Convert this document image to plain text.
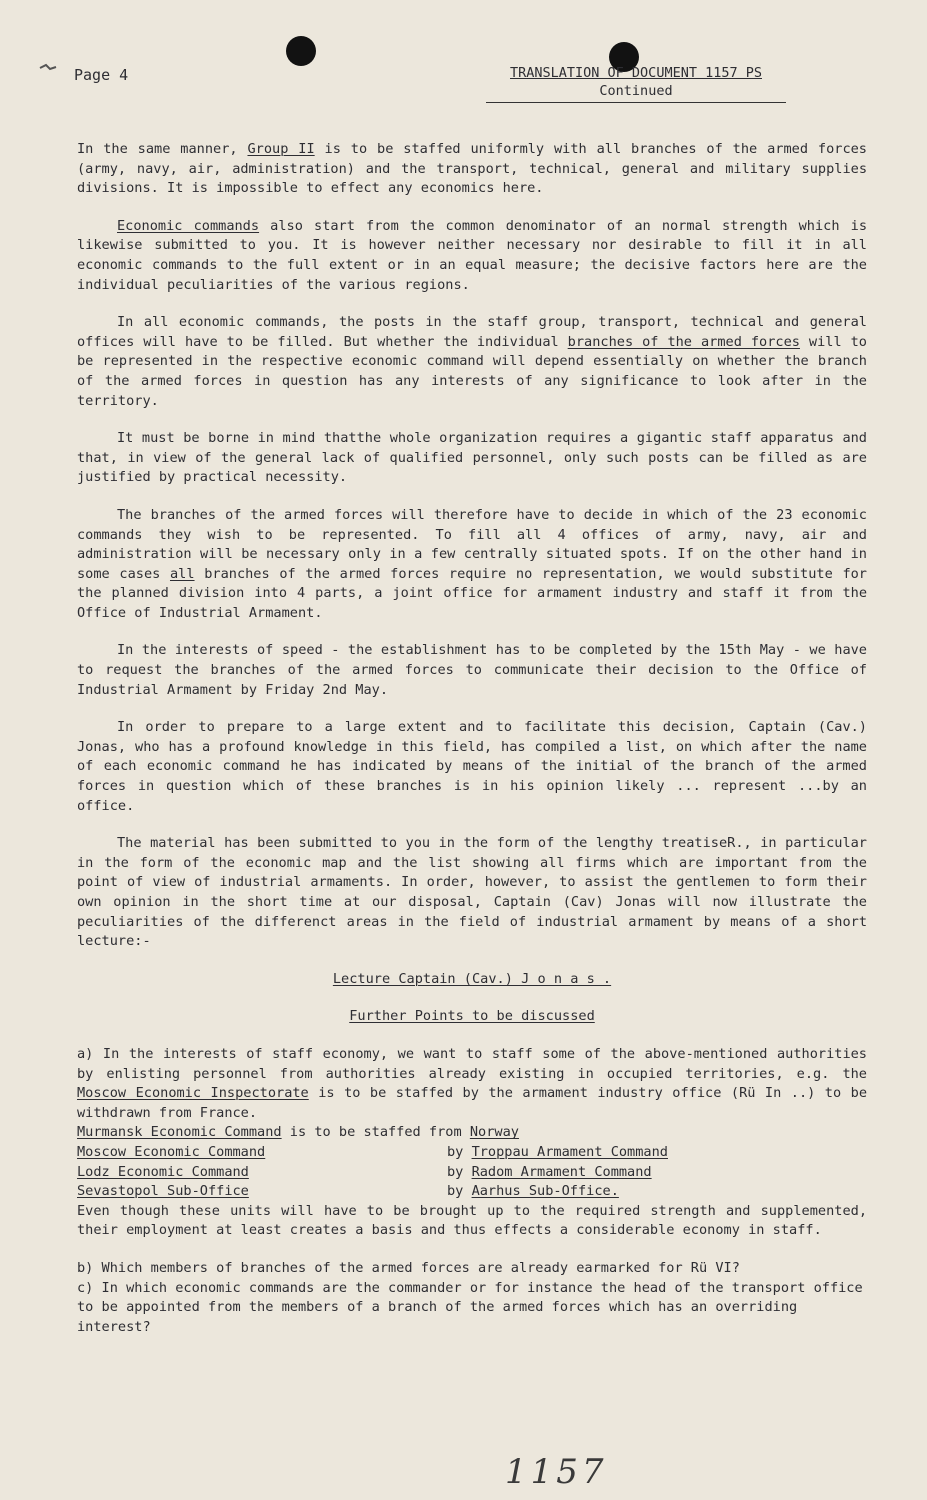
Page 4	TRANSLATION OF DOCUMENT 1157 PS
Continued

In the same manner, Group II is to be staffed uniformly with all branches of the armed forces (army, navy, air, administration) and the transport, technical, general and military supplies divisions. It is impossible to effect any economics here.

Economic commands also start from the common denominator of an normal strength which is likewise submitted to you. It is however neither necessary nor desirable to fill it in all economic commands to the full extent or in an equal measure; the decisive factors here are the individual peculiarities of the various regions.

In all economic commands, the posts in the staff group, transport, technical and general offices will have to be filled. But whether the individual branches of the armed forces will to be represented in the respective economic command will depend essentially on whether the branch of the armed forces in question has any interests of any significance to look after in the territory.

It must be borne in mind thatthe whole organization requires a gigantic staff apparatus and that, in view of the general lack of qualified personnel, only such posts can be filled as are justified by practical necessity.

The branches of the armed forces will therefore have to decide in which of the 23 economic commands they wish to be represented. To fill all 4 offices of army, navy, air and administration will be necessary only in a few centrally situated spots. If on the other hand in some cases all branches of the armed forces require no representation, we would substitute for the planned division into 4 parts, a joint office for armament industry and staff it from the Office of Industrial Armament.

In the interests of speed - the establishment has to be completed by the 15th May - we have to request the branches of the armed forces to communicate their decision to the Office of Industrial Armament by Friday 2nd May.

In order to prepare to a large extent and to facilitate this decision, Captain (Cav.) Jonas, who has a profound knowledge in this field, has compiled a list, on which after the name of each economic command he has indicated by means of the initial of the branch of the armed forces in question which of these branches is in his opinion likely ... represent ...by an office.

The material has been submitted to you in the form of the lengthy treatiseR., in particular in the form of the economic map and the list showing all firms which are important from the point of view of industrial armaments. In order, however, to assist the gentlemen to form their own opinion in the short time at our disposal, Captain (Cav) Jonas will now illustrate the peculiarities of the differenct areas in the field of industrial armament by means of a short lecture:-

Lecture Captain (Cav.) J o n a s .

Further Points to be discussed

a) In the interests of staff economy, we want to staff some of the above-mentioned authorities by enlisting personnel from authorities already existing in occupied territories, e.g. the Moscow Economic Inspectorate is to be staffed by the armament industry office (Rü In ..) to be withdrawn from France.

Murmansk Economic Command is to be staffed from Norway
Moscow Economic Command	by Troppau Armament Command
Lodz Economic Command	by Radom Armament Command
Sevastopol Sub-Office	by Aarhus Sub-Office.

Even though these units will have to be brought up to the required strength and supplemented, their employment at least creates a basis and thus effects a considerable economy in staff.

b) Which members of branches of the armed forces are already earmarked for Rü VI?
c) In which economic commands are the commander or for instance the head of the transport office to be appointed from the members of a branch of the armed forces which has an overriding interest?
1157
